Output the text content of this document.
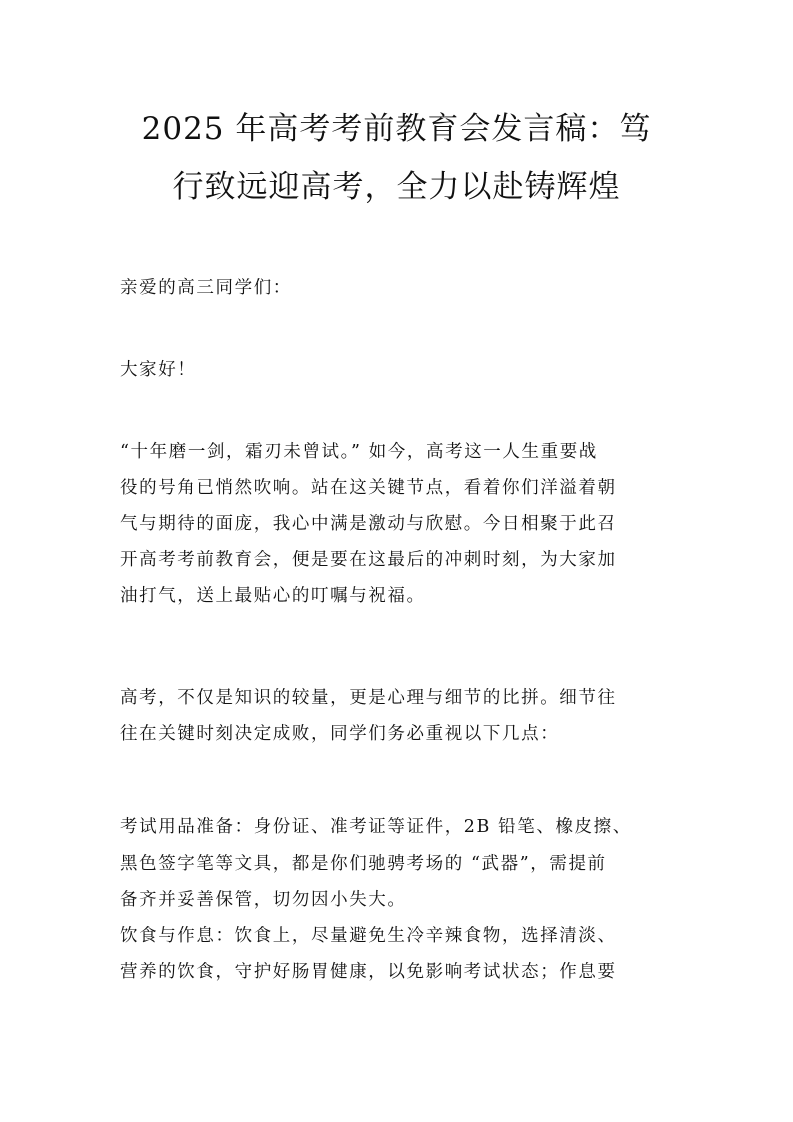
2025 年高考考前教育会发言稿：笃
行致远迎高考，全力以赴铸辉煌
亲爱的高三同学们：
大家好！
“十年磨一剑，霜刃未曾试。” 如今，高考这一人生重要战
役的号角已悄然吹响。站在这关键节点，看着你们洋溢着朝
气与期待的面庞，我心中满是激动与欣慰。今日相聚于此召
开高考考前教育会，便是要在这最后的冲刺时刻，为大家加
油打气，送上最贴心的叮嘱与祝福。
高考，不仅是知识的较量，更是心理与细节的比拼。细节往
往在关键时刻决定成败，同学们务必重视以下几点：
考试用品准备：身份证、准考证等证件，2B 铅笔、橡皮擦、
黑色签字笔等文具，都是你们驰骋考场的 “武器”，需提前
备齐并妥善保管，切勿因小失大。
饮食与作息：饮食上，尽量避免生冷辛辣食物，选择清淡、
营养的饮食，守护好肠胃健康，以免影响考试状态；作息要
